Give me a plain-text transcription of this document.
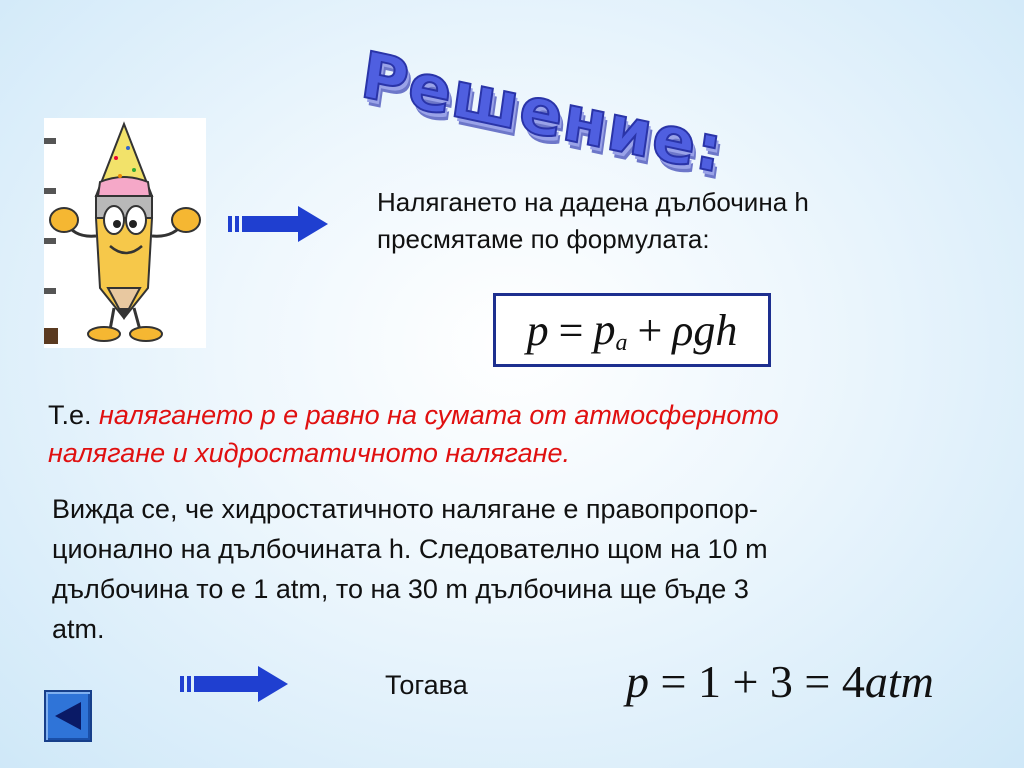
Решение:
Налягането на дадена дълбочина h
пресмятаме по формулата:
$p = p_a + \rho gh$
Т.е. налягането p е равно на сумата от атмосферното
налягане и хидростатичното налягане.
Вижда се, че хидростатичното налягане е правопропор-
ционално на дълбочината h. Следователно щом на 10 m
дълбочина то е 1 atm, то на 30 m дълбочина ще бъде 3
atm.
Тогава	p = 1 + 3 = 4atm
